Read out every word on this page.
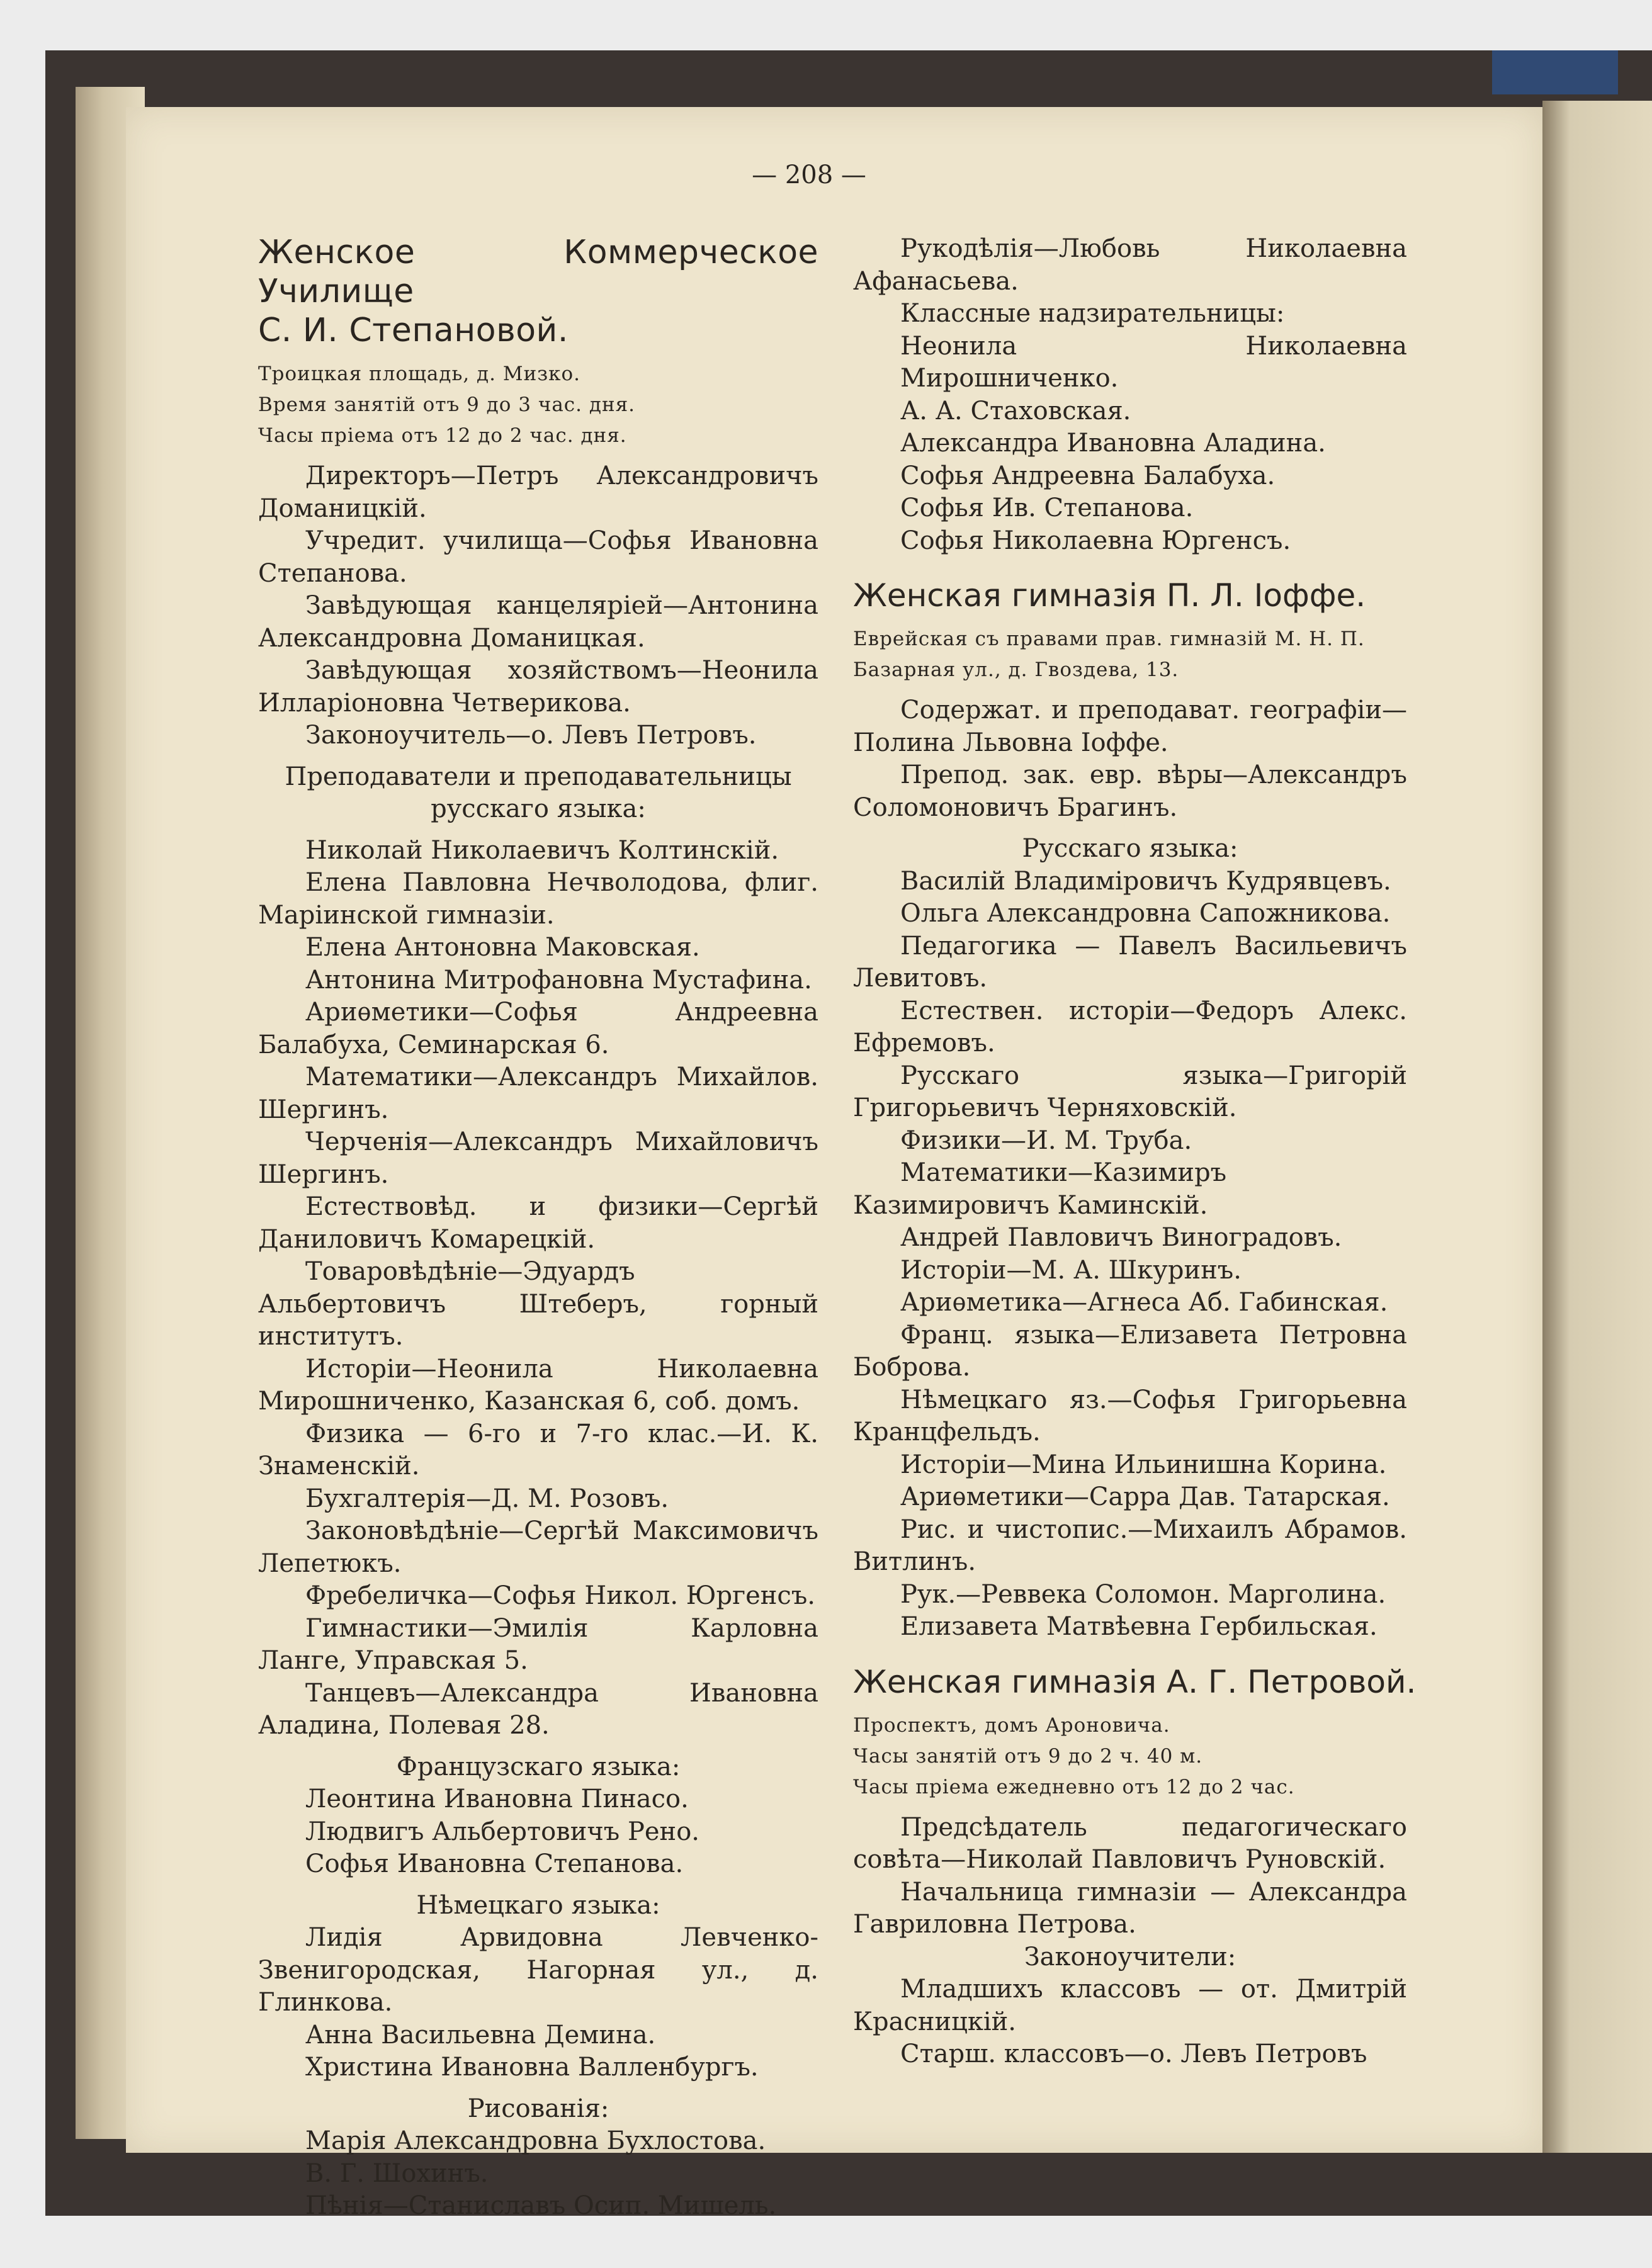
— 208 —

Женское Коммерческое Училище

С. И. Степановой.

Троицкая площадь, д. Мизко.

Время занятій отъ 9 до 3 час. дня.

Часы пріема отъ 12 до 2 час. дня.

Директоръ—Петръ Александровичъ Доманицкій.

Учредит. училища—Софья Ивановна Степанова.

Завѣдующая канцеляріей—Антонина Александровна Доманицкая.

Завѣдующая хозяйствомъ—Неонила Илларіоновна Четверикова.

Законоучитель—о. Левъ Петровъ.

Преподаватели и преподавательницы русскаго языка:

Николай Николаевичъ Колтинскій.

Елена Павловна Нечволодова, флиг. Маріинской гимназіи.

Елена Антоновна Маковская.

Антонина Митрофановна Мустафина.

Ариѳметики—Софья Андреевна Балабуха, Семинарская 6.

Математики—Александръ Михайлов. Шергинъ.

Черченія—Александръ Михайловичъ Шергинъ.

Естествовѣд. и физики—Сергѣй Даниловичъ Комарецкій.

Товаровѣдѣніе—Эдуардъ Альбертовичъ Штеберъ, горный институтъ.

Исторіи—Неонила Николаевна Мирошниченко, Казанская 6, соб. домъ.

Физика — 6-го и 7-го клас.—И. К. Знаменскій.

Бухгалтерія—Д. М. Розовъ.

Законовѣдѣніе—Сергѣй Максимовичъ Лепетюкъ.

Фребеличка—Софья Никол. Юргенсъ.

Гимнастики—Эмилія Карловна Ланге, Управская 5.

Танцевъ—Александра Ивановна Аладина, Полевая 28.

Французскаго языка:

Леонтина Ивановна Пинасо.

Людвигъ Альбертовичъ Рено.

Софья Ивановна Степанова.

Нѣмецкаго языка:

Лидія Арвидовна Левченко-Звенигородская, Нагорная ул., д. Глинкова.

Анна Васильевна Демина.

Христина Ивановна Валленбургъ.

Рисованія:

Марія Александровна Бухлостова.

В. Г. Шохинъ.

Пѣнія—Станиславъ Осип. Мишель.

Рукодѣлія—Любовь Николаевна Афанасьева.

Классные надзирательницы:

Неонила Николаевна Мирошниченко.

А. А. Стаховская.

Александра Ивановна Аладина.

Софья Андреевна Балабуха.

Софья Ив. Степанова.

Софья Николаевна Юргенсъ.

Женская гимназія П. Л. Іоффе.

Еврейская съ правами прав. гимназій М. Н. П.

Базарная ул., д. Гвоздева, 13.

Содержат. и преподават. географіи—Полина Львовна Іоффе.

Препод. зак. евр. вѣры—Александръ Соломоновичъ Брагинъ.

Русскаго языка:

Василій Владиміровичъ Кудрявцевъ.

Ольга Александровна Сапожникова.

Педагогика — Павелъ Васильевичъ Левитовъ.

Естествен. исторіи—Федоръ Алекс. Ефремовъ.

Русскаго языка—Григорій Григорьевичъ Черняховскій.

Физики—И. М. Труба.

Математики—Казимиръ Казимировичъ Каминскій.

Андрей Павловичъ Виноградовъ.

Исторіи—М. А. Шкуринъ.

Ариѳметика—Агнеса Аб. Габинская.

Франц. языка—Елизавета Петровна Боброва.

Нѣмецкаго яз.—Софья Григорьевна Кранцфельдъ.

Исторіи—Мина Ильинишна Корина.

Ариѳметики—Сарра Дав. Татарская.

Рис. и чистопис.—Михаилъ Абрамов. Витлинъ.

Рук.—Реввека Соломон. Марголина.

Елизавета Матвѣевна Гербильская.

Женская гимназія А. Г. Петровой.

Проспектъ, домъ Ароновича.

Часы занятій отъ 9 до 2 ч. 40 м.

Часы пріема ежедневно отъ 12 до 2 час.

Предсѣдатель педагогическаго совѣта—Николай Павловичъ Руновскій.

Начальница гимназіи — Александра Гавриловна Петрова.

Законоучители:

Младшихъ классовъ — от. Дмитрій Красницкій.

Старш. классовъ—о. Левъ Петровъ
